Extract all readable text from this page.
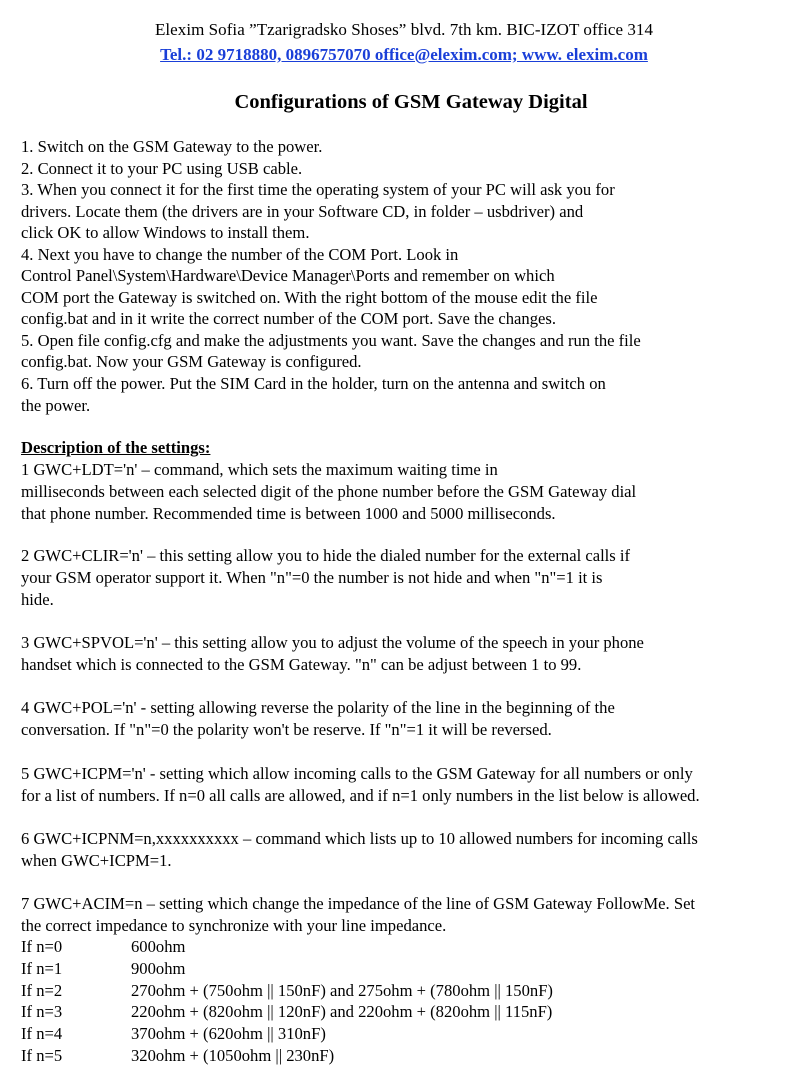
Elexim Sofia ”Tzarigradsko Shoses” blvd. 7th km. BIC-IZOT office 314
Tel.: 02 9718880, 0896757070 office@elexim.com; www. elexim.com
Configurations of GSM Gateway Digital
1. Switch on the GSM Gateway to the power.
2. Connect it to your PC using USB cable.
3. When you connect it for the first time the operating system of your PC will ask you for
drivers. Locate them (the drivers are in your Software CD, in folder – usbdriver) and
click OK to allow Windows to install them.
4. Next you have to change the number of the COM Port. Look in
Control Panel\System\Hardware\Device Manager\Ports and remember on which
COM port the Gateway is switched on. With the right bottom of the mouse edit the file
config.bat and in it write the correct number of the COM port. Save the changes.
5. Open file config.cfg and make the adjustments you want. Save the changes and run the file
config.bat. Now your GSM Gateway is configured.
6. Turn off the power. Put the SIM Card in the holder, turn on the antenna and switch on
the power.
Description of the settings:
1 GWC+LDT='n' – command, which sets the maximum waiting time in
milliseconds between each selected digit of the phone number before the GSM Gateway dial
that phone number. Recommended time is between 1000 and 5000 milliseconds.
2 GWC+CLIR='n' – this setting allow you to hide the dialed number for the external calls if
your GSM operator support it. When "n"=0 the number is not hide and when "n"=1 it is
hide.
3 GWC+SPVOL='n' – this setting allow you to adjust the volume of the speech in your phone
handset which is connected to the GSM Gateway. "n" can be adjust between 1 to 99.
4 GWC+POL='n' - setting allowing reverse the polarity of the line in the beginning of the
conversation. If "n"=0 the polarity won't be reserve. If "n"=1 it will be reversed.
5 GWC+ICPM='n' - setting which allow incoming calls to the GSM Gateway for all numbers or only
for a list of numbers. If n=0 all calls are allowed, and if n=1 only numbers in the list below is allowed.
6 GWC+ICPNM=n,xxxxxxxxxx – command which lists up to 10 allowed numbers for incoming calls
when GWC+ICPM=1.
7 GWC+ACIM=n – setting which change the impedance of the line of GSM Gateway FollowMe. Set
the correct impedance to synchronize with your line impedance.
If n=0	600ohm
If n=1	900ohm
If n=2	270ohm + (750ohm || 150nF) and 275ohm + (780ohm || 150nF)
If n=3	220ohm + (820ohm || 120nF) and 220ohm + (820ohm || 115nF)
If n=4	370ohm + (620ohm || 310nF)
If n=5	320ohm + (1050ohm || 230nF)
